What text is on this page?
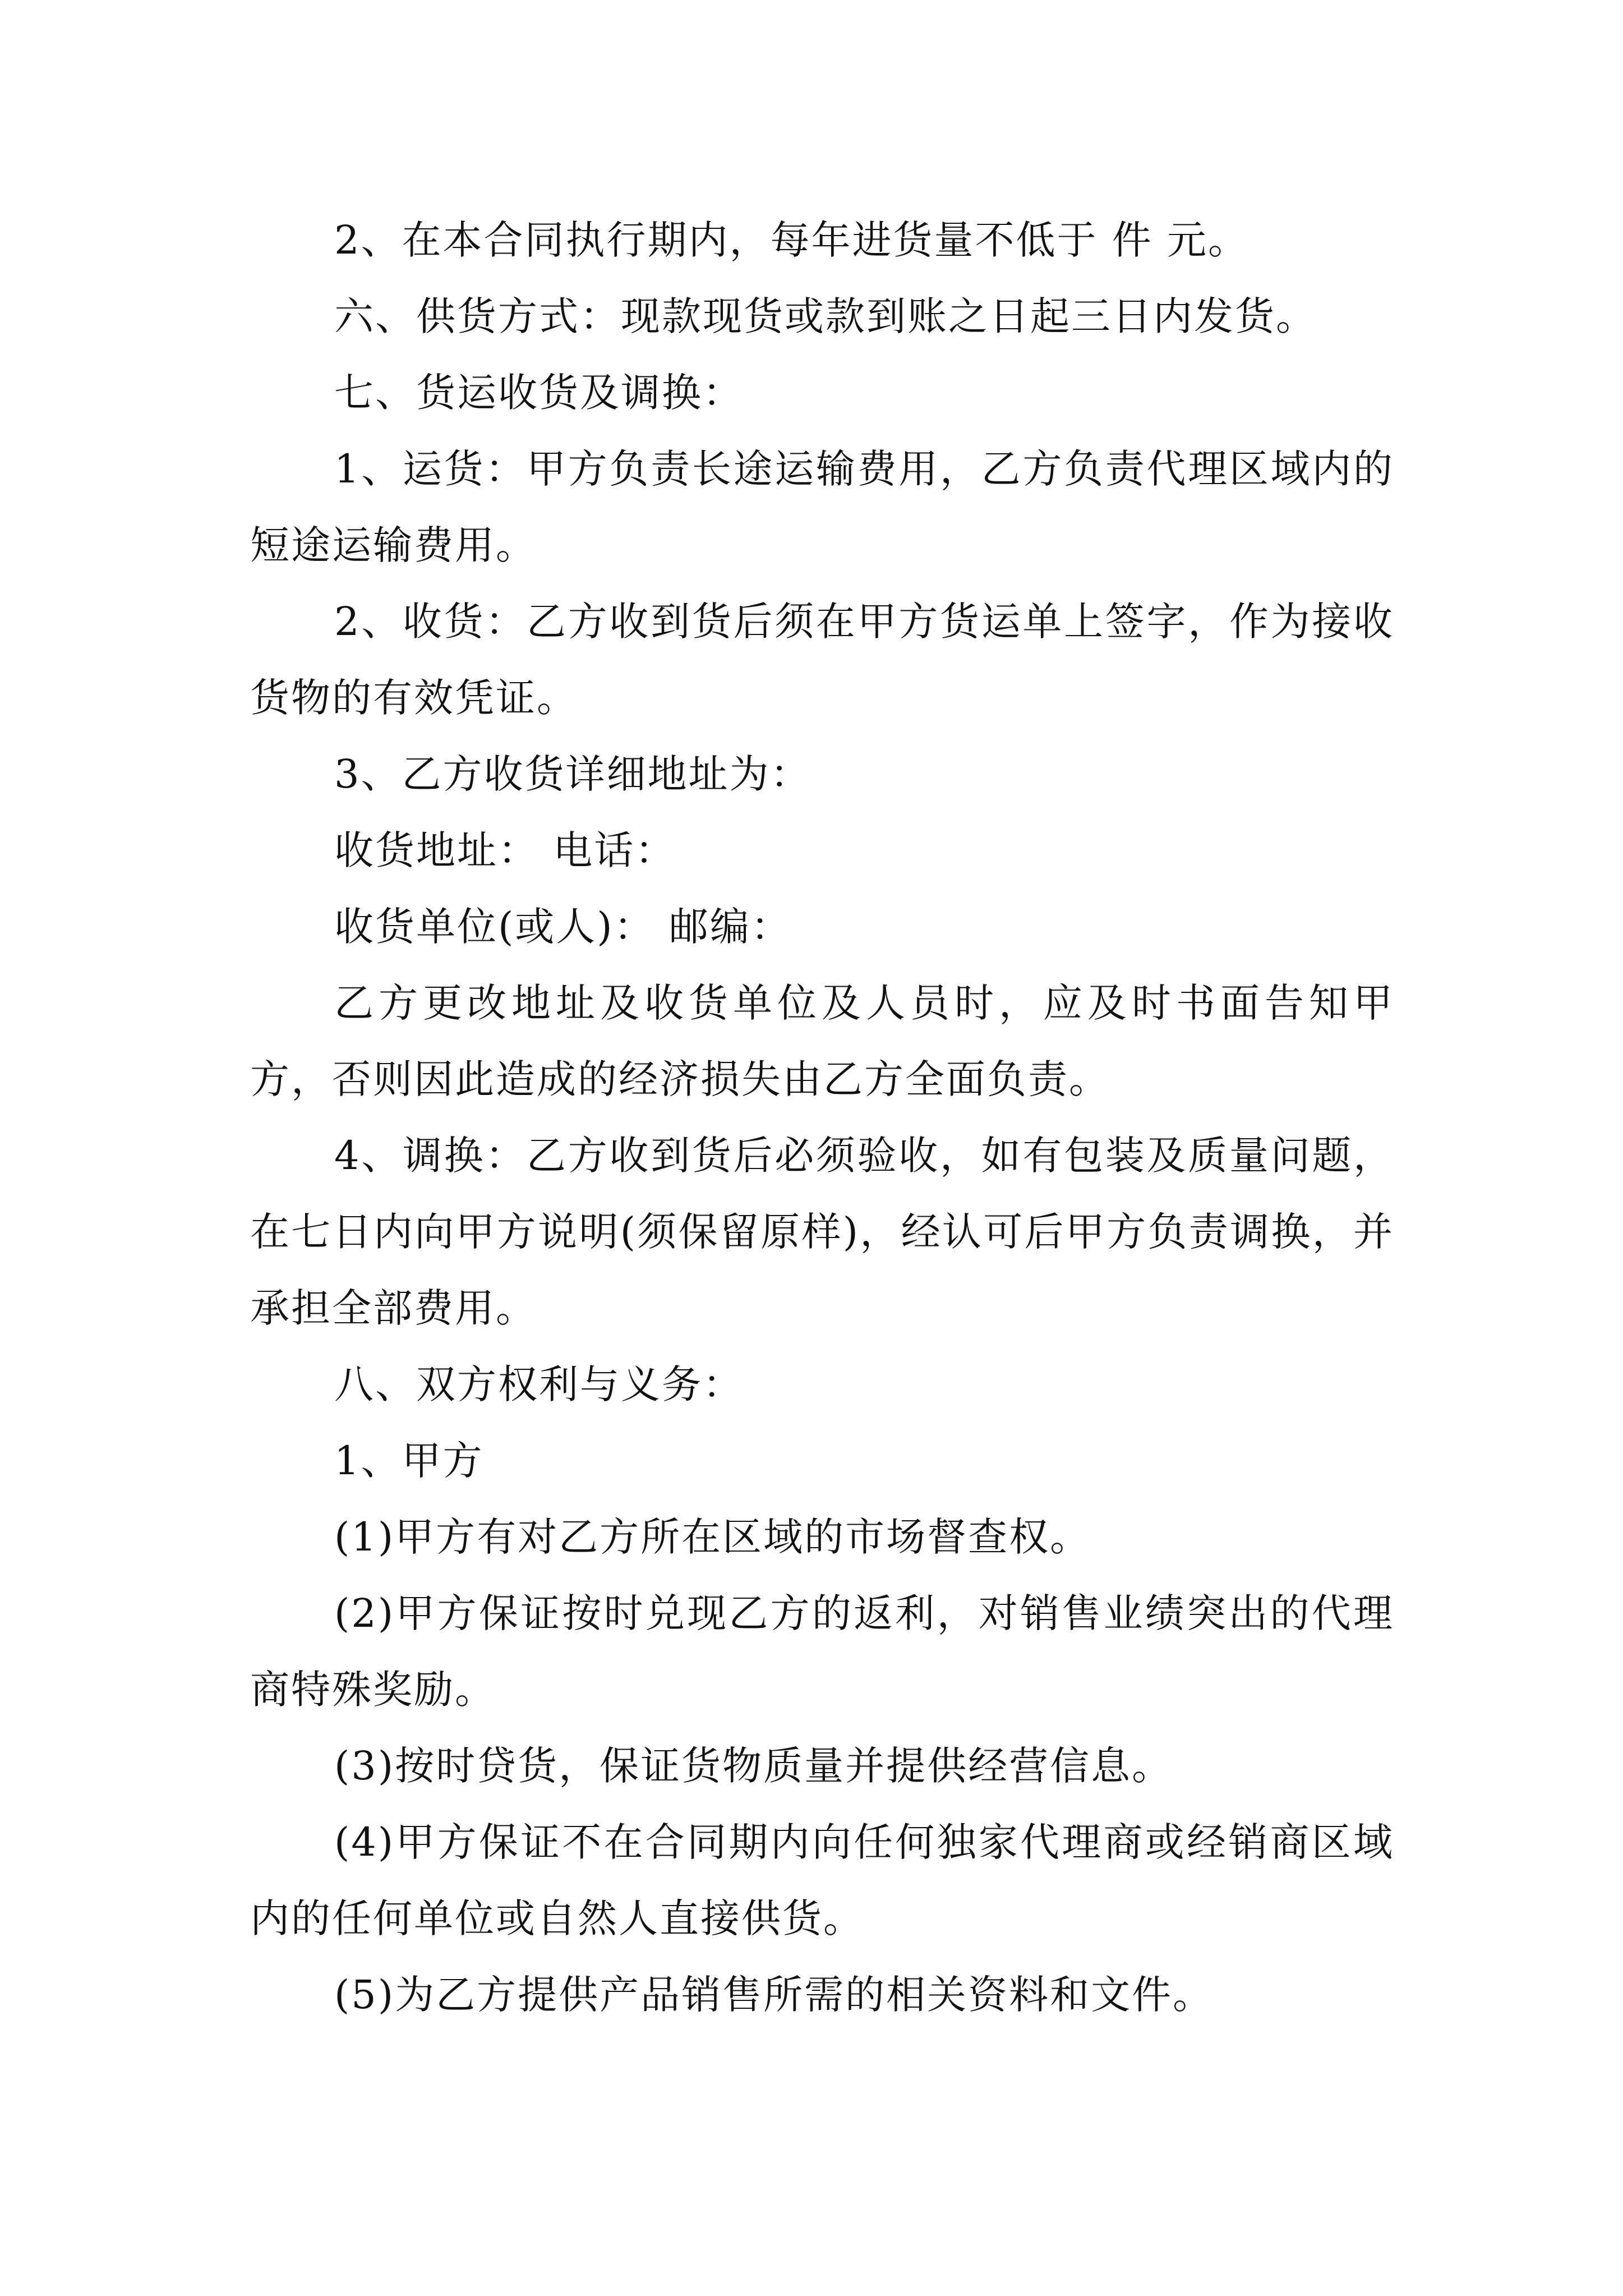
2、在本合同执行期内，每年进货量不低于 件 元。

六、供货方式：现款现货或款到账之日起三日内发货。

七、货运收货及调换：

1、运货：甲方负责长途运输费用，乙方负责代理区域内的短途运输费用。

2、收货：乙方收到货后须在甲方货运单上签字，作为接收货物的有效凭证。

3、乙方收货详细地址为：

收货地址： 电话：

收货单位(或人)： 邮编：

乙方更改地址及收货单位及人员时，应及时书面告知甲方，否则因此造成的经济损失由乙方全面负责。

4、调换：乙方收到货后必须验收，如有包装及质量问题，在七日内向甲方说明(须保留原样)，经认可后甲方负责调换，并承担全部费用。

八、双方权利与义务：

1、甲方

(1)甲方有对乙方所在区域的市场督查权。

(2)甲方保证按时兑现乙方的返利，对销售业绩突出的代理商特殊奖励。

(3)按时贷货，保证货物质量并提供经营信息。

(4)甲方保证不在合同期内向任何独家代理商或经销商区域内的任何单位或自然人直接供货。

(5)为乙方提供产品销售所需的相关资料和文件。
